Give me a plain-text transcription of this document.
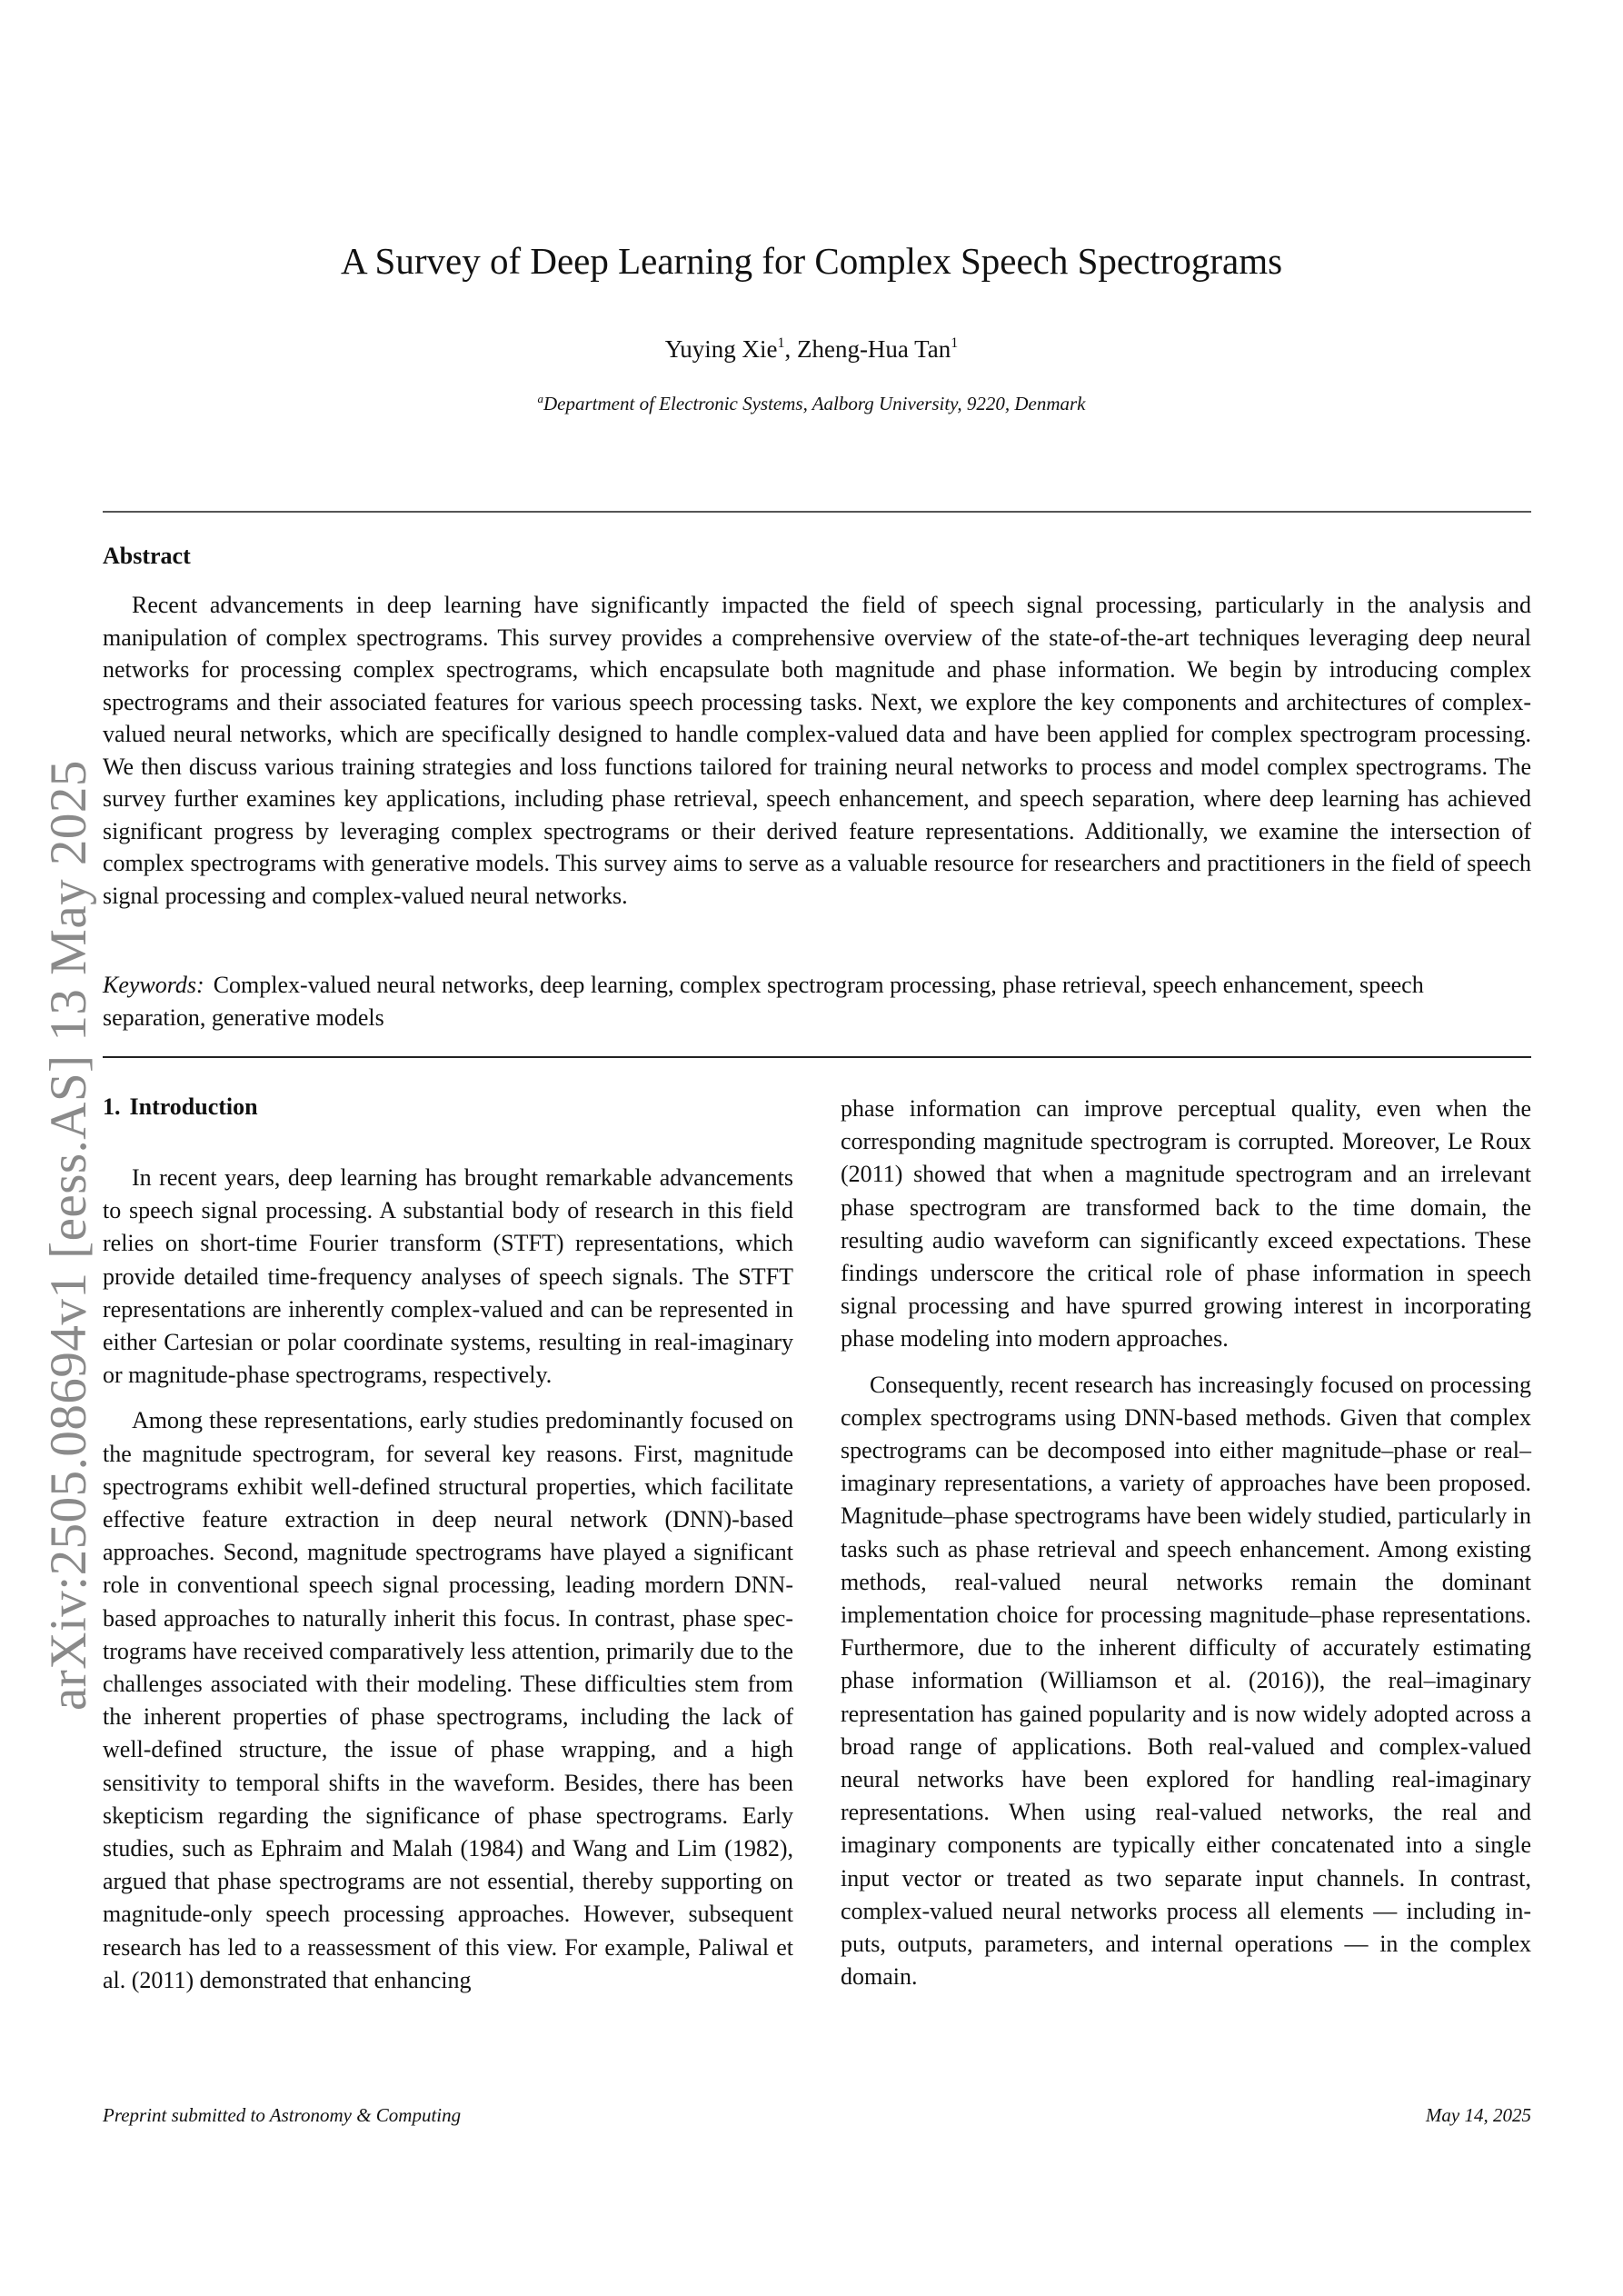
arXiv:2505.08694v1 [eess.AS] 13 May 2025
A Survey of Deep Learning for Complex Speech Spectrograms
Yuying Xie$^1$, Zheng-Hua Tan$^1$
$^a$Department of Electronic Systems, Aalborg University, 9220, Denmark
Abstract

Recent advancements in deep learning have significantly impacted the field of speech signal processing, particularly in the analysis and manipulation of complex spectrograms. This survey provides a comprehensive overview of the state-of-the-art techniques leveraging deep neural networks for processing complex spectrograms, which encapsulate both magnitude and phase information. We begin by introducing complex spectrograms and their associated features for various speech processing tasks. Next, we explore the key components and architectures of complex-valued neural networks, which are specifically designed to handle complex-valued data and have been applied for complex spectrogram processing. We then discuss various training strategies and loss functions tailored for training neural networks to process and model complex spectrograms. The survey further examines key applications, including phase retrieval, speech enhancement, and speech separation, where deep learning has achieved significant progress by leveraging complex spectrograms or their derived feature representations. Additionally, we examine the intersection of complex spectrograms with generative models. This survey aims to serve as a valuable resource for researchers and practitioners in the field of speech signal processing and complex-valued neural networks.

Keywords: Complex-valued neural networks, deep learning, complex spectrogram processing, phase retrieval, speech enhancement, speech separation, generative models
1. Introduction

In recent years, deep learning has brought remarkable advancements to speech signal processing. A substantial body of research in this field relies on short-time Fourier transform (STFT) representations, which provide detailed time-frequency analyses of speech signals. The STFT representations are inherently complex-valued and can be represented in either Cartesian or polar coordinate systems, resulting in real-imaginary or magnitude-phase spectrograms, respectively.

Among these representations, early studies predominantly focused on the magnitude spectrogram, for several key reasons. First, magnitude spectrograms exhibit well-defined structural properties, which facilitate effective feature extraction in deep neural network (DNN)-based approaches. Second, magnitude spectrograms have played a significant role in conventional speech signal processing, leading mordern DNN-based approaches to naturally inherit this focus. In contrast, phase spectrograms have received comparatively less attention, primarily due to the challenges associated with their modeling. These difficulties stem from the inherent properties of phase spectrograms, including the lack of well-defined structure, the issue of phase wrapping, and a high sensitivity to temporal shifts in the waveform. Besides, there has been skepticism regarding the significance of phase spectrograms. Early studies, such as Ephraim and Malah (1984) and Wang and Lim (1982), argued that phase spectrograms are not essential, thereby supporting on magnitude-only speech processing approaches. However, subsequent research has led to a reassessment of this view. For example, Paliwal et al. (2011) demonstrated that enhancing

phase information can improve perceptual quality, even when the corresponding magnitude spectrogram is corrupted. Moreover, Le Roux (2011) showed that when a magnitude spectrogram and an irrelevant phase spectrogram are transformed back to the time domain, the resulting audio waveform can significantly exceed expectations. These findings underscore the critical role of phase information in speech signal processing and have spurred growing interest in incorporating phase modeling into modern approaches.

Consequently, recent research has increasingly focused on processing complex spectrograms using DNN-based methods. Given that complex spectrograms can be decomposed into either magnitude–phase or real–imaginary representations, a variety of approaches have been proposed. Magnitude–phase spectrograms have been widely studied, particularly in tasks such as phase retrieval and speech enhancement. Among existing methods, real-valued neural networks remain the dominant implementation choice for processing magnitude–phase representations. Furthermore, due to the inherent difficulty of accurately estimating phase information (Williamson et al. (2016)), the real–imaginary representation has gained popularity and is now widely adopted across a broad range of applications. Both real-valued and complex-valued neural networks have been explored for handling real-imaginary representations. When using real-valued networks, the real and imaginary components are typically either concatenated into a single input vector or treated as two separate input channels. In contrast, complex-valued neural networks process all elements — including inputs, outputs, parameters, and internal operations — in the complex domain.

Preprint submitted to Astronomy & Computing	May 14, 2025
